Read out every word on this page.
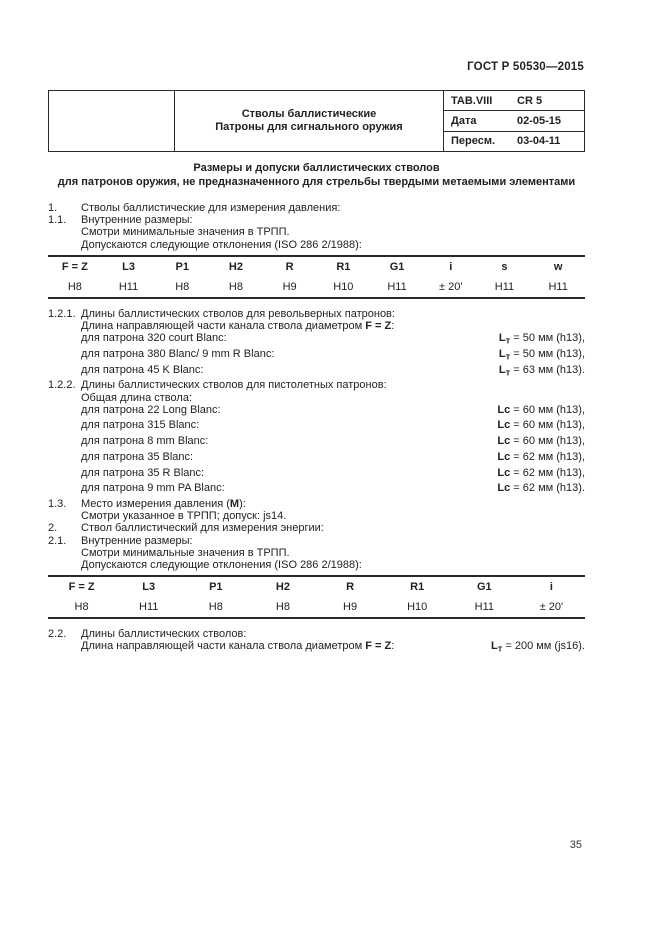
ГОСТ Р 50530—2015
Стволы баллистические
Патроны для сигнального оружия
TAB.VIII	CR 5
Дата	02-05-15
Пересм.	03-04-11
Размеры и допуски баллистических стволов
для патронов оружия, не предназначенного для стрельбы твердыми метаемыми элементами
1.	Стволы баллистические для измерения давления:
1.1.	Внутренние размеры:
Смотри минимальные значения в ТРПП.
Допускаются следующие отклонения (ISO 286 2/1988):
F = Z	L3	P1	H2	R	R1	G1	i	s	w
H8	H11	H8	H8	H9	H10	H11	± 20'	H11	H11
1.2.1. Длины баллистических стволов для револьверных патронов:
Длина направляющей части канала ствола диаметром F = Z:
для патрона 320 court Blanc:	$L_T = 50$ мм (h13),
для патрона 380 Blanc/ 9 mm R Blanc:	$L_T = 50$ мм (h13),
для патрона 45 K Blanc:	$L_T = 63$ мм (h13).
1.2.2. Длины баллистических стволов для пистолетных патронов:
Общая длина ствола:
для патрона 22 Long Blanc:	Lc = 60 мм (h13),
для патрона 315 Blanc:	Lc = 60 мм (h13),
для патрона 8 mm Blanc:	Lc = 60 мм (h13),
для патрона 35 Blanc:	Lc = 62 мм (h13),
для патрона 35 R Blanc:	Lc = 62 мм (h13),
для патрона 9 mm PA Blanc:	Lc = 62 мм (h13).
1.3.	Место измерения давления (M):
Смотри указанное в ТРПП; допуск: js14.
2.	Ствол баллистический для измерения энергии:
2.1.	Внутренние размеры:
Смотри минимальные значения в ТРПП.
Допускаются следующие отклонения (ISO 286 2/1988):
F = Z	L3	P1	H2	R	R1	G1	i
H8	H11	H8	H8	H9	H10	H11	± 20'
2.2.	Длины баллистических стволов:
Длина направляющей части канала ствола диаметром F = Z:	$L_T = 200$ мм (js16).
35
